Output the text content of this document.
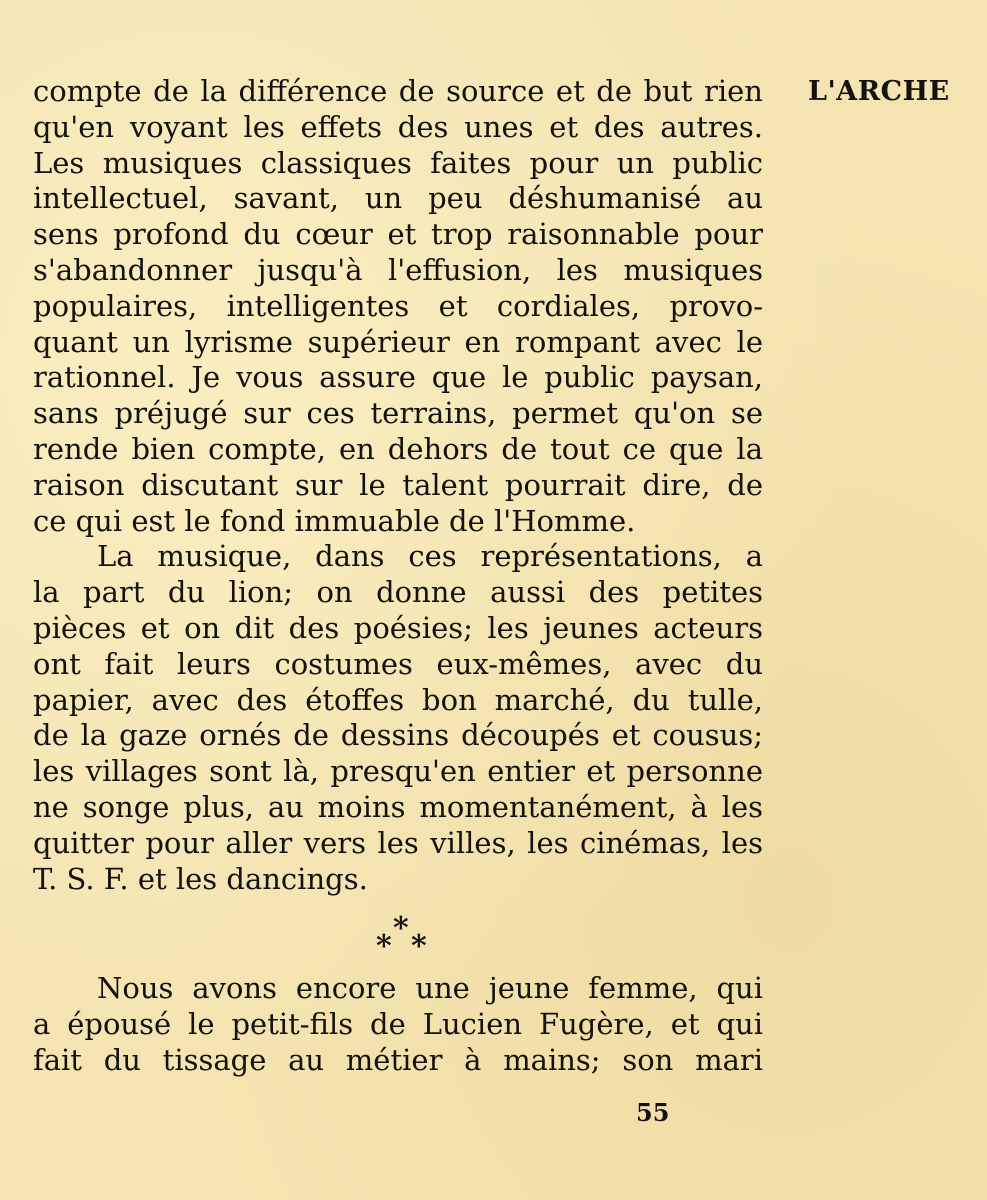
L'ARCHE

compte de la différence de source et de but rien
qu'en voyant les effets des unes et des autres.
Les musiques classiques faites pour un public
intellectuel, savant, un peu déshumanisé au
sens profond du cœur et trop raisonnable pour
s'abandonner jusqu'à l'effusion, les musiques
populaires, intelligentes et cordiales, provo-
quant un lyrisme supérieur en rompant avec le
rationnel. Je vous assure que le public paysan,
sans préjugé sur ces terrains, permet qu'on se
rende bien compte, en dehors de tout ce que la
raison discutant sur le talent pourrait dire, de
ce qui est le fond immuable de l'Homme.

La musique, dans ces représentations, a
la part du lion; on donne aussi des petites
pièces et on dit des poésies; les jeunes acteurs
ont fait leurs costumes eux-mêmes, avec du
papier, avec des étoffes bon marché, du tulle,
de la gaze ornés de dessins découpés et cousus;
les villages sont là, presqu'en entier et personne
ne songe plus, au moins momentanément, à les
quitter pour aller vers les villes, les cinémas, les
T. S. F. et les dancings.

*
* *

Nous avons encore une jeune femme, qui
a épousé le petit-fils de Lucien Fugère, et qui
fait du tissage au métier à mains; son mari

55
